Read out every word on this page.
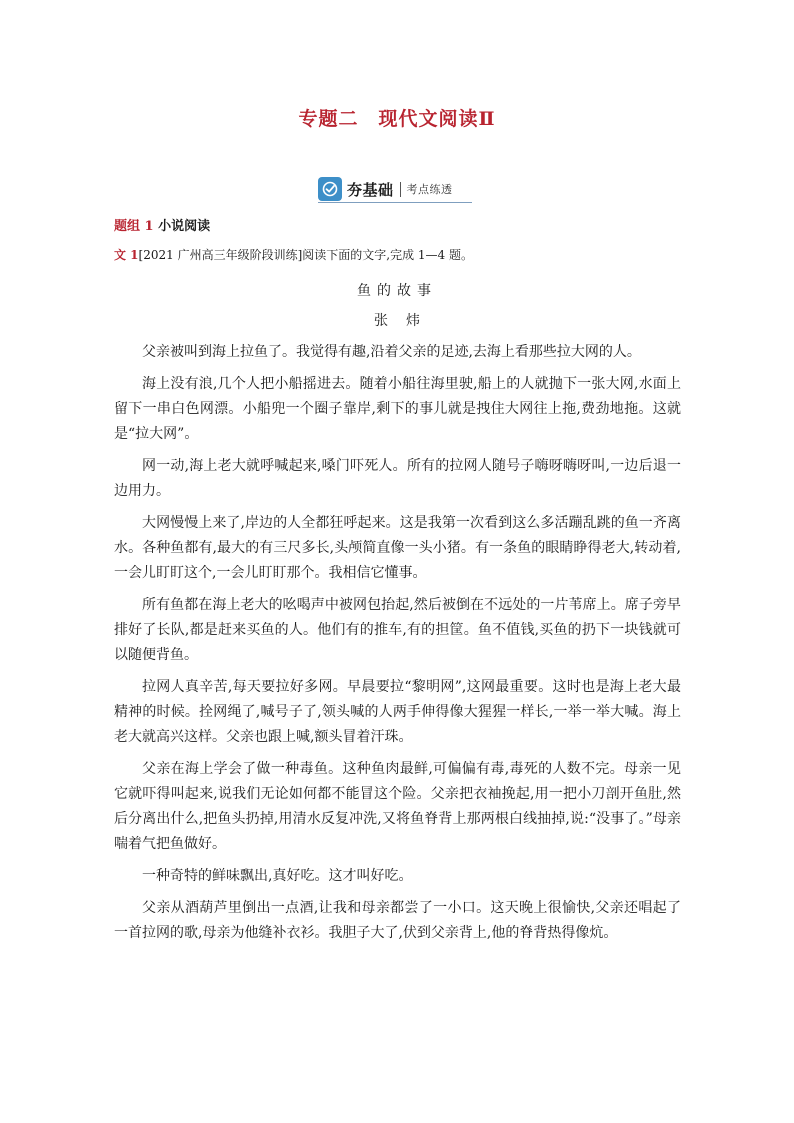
专题二　现代文阅读Ⅱ
夯基础 考点练透
题组 1 小说阅读
文 1[2021 广州高三年级阶段训练]阅读下面的文字,完成 1—4 题。
鱼的故事
张炜

父亲被叫到海上拉鱼了。我觉得有趣,沿着父亲的足迹,去海上看那些拉大网的人。

海上没有浪,几个人把小船摇进去。随着小船往海里驶,船上的人就抛下一张大网,水面上留下一串白色网漂。小船兜一个圈子靠岸,剩下的事儿就是拽住大网往上拖,费劲地拖。这就是“拉大网”。

网一动,海上老大就呼喊起来,嗓门吓死人。所有的拉网人随号子嗨呀嗨呀叫,一边后退一边用力。

大网慢慢上来了,岸边的人全都狂呼起来。这是我第一次看到这么多活蹦乱跳的鱼一齐离水。各种鱼都有,最大的有三尺多长,头颅简直像一头小猪。有一条鱼的眼睛睁得老大,转动着,一会儿盯盯这个,一会儿盯盯那个。我相信它懂事。

所有鱼都在海上老大的吆喝声中被网包抬起,然后被倒在不远处的一片苇席上。席子旁早排好了长队,都是赶来买鱼的人。他们有的推车,有的担筐。鱼不值钱,买鱼的扔下一块钱就可以随便背鱼。

拉网人真辛苦,每天要拉好多网。早晨要拉“黎明网”,这网最重要。这时也是海上老大最精神的时候。拴网绳了,喊号子了,领头喊的人两手伸得像大猩猩一样长,一举一举大喊。海上老大就高兴这样。父亲也跟上喊,额头冒着汗珠。

父亲在海上学会了做一种毒鱼。这种鱼肉最鲜,可偏偏有毒,毒死的人数不完。母亲一见它就吓得叫起来,说我们无论如何都不能冒这个险。父亲把衣袖挽起,用一把小刀剖开鱼肚,然后分离出什么,把鱼头扔掉,用清水反复冲洗,又将鱼脊背上那两根白线抽掉,说:“没事了。”母亲喘着气把鱼做好。

一种奇特的鲜味飘出,真好吃。这才叫好吃。

父亲从酒葫芦里倒出一点酒,让我和母亲都尝了一小口。这天晚上很愉快,父亲还唱起了一首拉网的歌,母亲为他缝补衣衫。我胆子大了,伏到父亲背上,他的脊背热得像炕。
